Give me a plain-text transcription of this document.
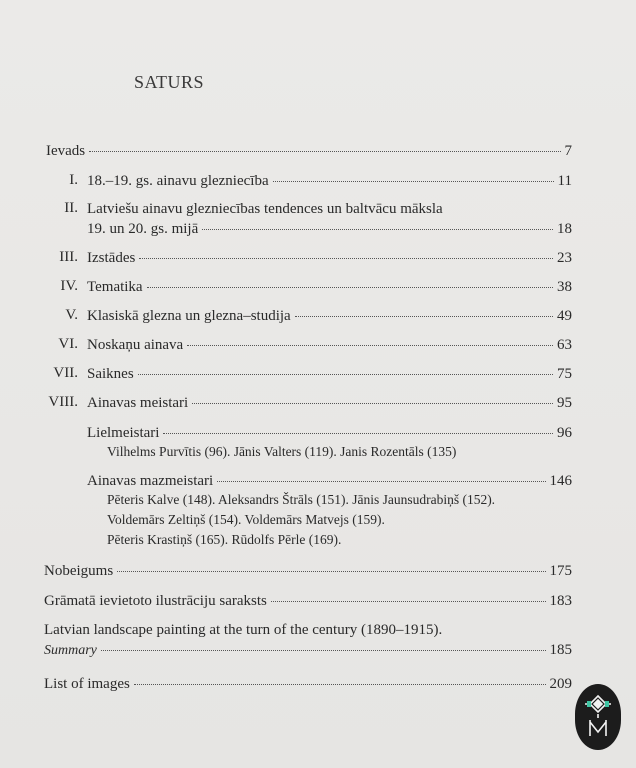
SATURS
Ievads	7
I. 18.–19. gs. ainavu glezniecība	11
II. Latviešu ainavu glezniecības tendences un baltvācu māksla
19. un 20. gs. mijā	18
III. Izstādes	23
IV. Tematika	38
V. Klasiskā glezna un glezna–studija	49
VI. Noskaņu ainava	63
VII. Saiknes	75
VIII. Ainavas meistari	95
Lielmeistari	96
Vilhelms Purvītis (96). Jānis Valters (119). Janis Rozentāls (135)
Ainavas mazmeistari	146
Pēteris Kalve (148). Aleksandrs Štrāls (151). Jānis Jaunsudrabiņš (152).
Voldemārs Zeltiņš (154). Voldemārs Matvejs (159).
Pēteris Krastiņš (165). Rūdolfs Pērle (169).
Nobeigums	175
Grāmatā ievietoto ilustrāciju saraksts	183
Latvian landscape painting at the turn of the century (1890–1915).
Summary	185
List of images	209
